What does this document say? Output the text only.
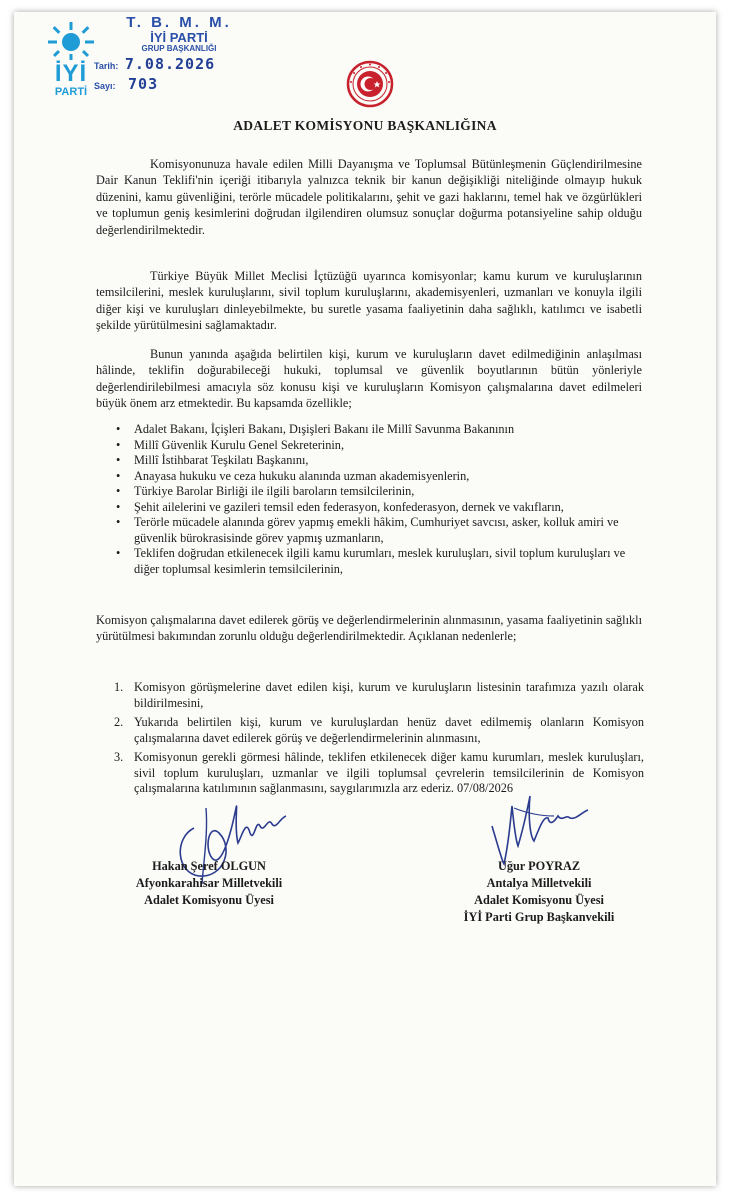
İYİ
PARTİ
T. B. M. M.
İYİ PARTİ
GRUP BAŞKANLIĞI
Tarih: 7.08.2026
Sayı: 703
ADALET KOMİSYONU BAŞKANLIĞINA
Komisyonunuza havale edilen Milli Dayanışma ve Toplumsal Bütünleşmenin Güçlendirilmesine Dair Kanun Teklifi'nin içeriği itibarıyla yalnızca teknik bir kanun değişikliği niteliğinde olmayıp hukuk düzenini, kamu güvenliğini, terörle mücadele politikalarını, şehit ve gazi haklarını, temel hak ve özgürlükleri ve toplumun geniş kesimlerini doğrudan ilgilendiren olumsuz sonuçlar doğurma potansiyeline sahip olduğu değerlendirilmektedir.
Türkiye Büyük Millet Meclisi İçtüzüğü uyarınca komisyonlar; kamu kurum ve kuruluşlarının temsilcilerini, meslek kuruluşlarını, sivil toplum kuruluşlarını, akademisyenleri, uzmanları ve konuyla ilgili diğer kişi ve kuruluşları dinleyebilmekte, bu suretle yasama faaliyetinin daha sağlıklı, katılımcı ve isabetli şekilde yürütülmesini sağlamaktadır.
Bunun yanında aşağıda belirtilen kişi, kurum ve kuruluşların davet edilmediğinin anlaşılması hâlinde, teklifin doğurabileceği hukuki, toplumsal ve güvenlik boyutlarının bütün yönleriyle değerlendirilebilmesi amacıyla söz konusu kişi ve kuruluşların Komisyon çalışmalarına davet edilmeleri büyük önem arz etmektedir. Bu kapsamda özellikle;
• Adalet Bakanı, İçişleri Bakanı, Dışişleri Bakanı ile Millî Savunma Bakanının
• Millî Güvenlik Kurulu Genel Sekreterinin,
• Millî İstihbarat Teşkilatı Başkanını,
• Anayasa hukuku ve ceza hukuku alanında uzman akademisyenlerin,
• Türkiye Barolar Birliği ile ilgili baroların temsilcilerinin,
• Şehit ailelerini ve gazileri temsil eden federasyon, konfederasyon, dernek ve vakıfların,
• Terörle mücadele alanında görev yapmış emekli hâkim, Cumhuriyet savcısı, asker, kolluk amiri ve güvenlik bürokrasisinde görev yapmış uzmanların,
• Teklifen doğrudan etkilenecek ilgili kamu kurumları, meslek kuruluşları, sivil toplum kuruluşları ve diğer toplumsal kesimlerin temsilcilerinin,
Komisyon çalışmalarına davet edilerek görüş ve değerlendirmelerinin alınmasının, yasama faaliyetinin sağlıklı yürütülmesi bakımından zorunlu olduğu değerlendirilmektedir. Açıklanan nedenlerle;
1. Komisyon görüşmelerine davet edilen kişi, kurum ve kuruluşların listesinin tarafımıza yazılı olarak bildirilmesini,
2. Yukarıda belirtilen kişi, kurum ve kuruluşlardan henüz davet edilmemiş olanların Komisyon çalışmalarına davet edilerek görüş ve değerlendirmelerinin alınmasını,
3. Komisyonun gerekli görmesi hâlinde, teklifen etkilenecek diğer kamu kurumları, meslek kuruluşları, sivil toplum kuruluşları, uzmanlar ve ilgili toplumsal çevrelerin temsilcilerinin de Komisyon çalışmalarına katılımının sağlanmasını, saygılarımızla arz ederiz. 07/08/2026
Hakan Şeref OLGUN
Afyonkarahisar Milletvekili
Adalet Komisyonu Üyesi
Uğur POYRAZ
Antalya Milletvekili
Adalet Komisyonu Üyesi
İYİ Parti Grup Başkanvekili
